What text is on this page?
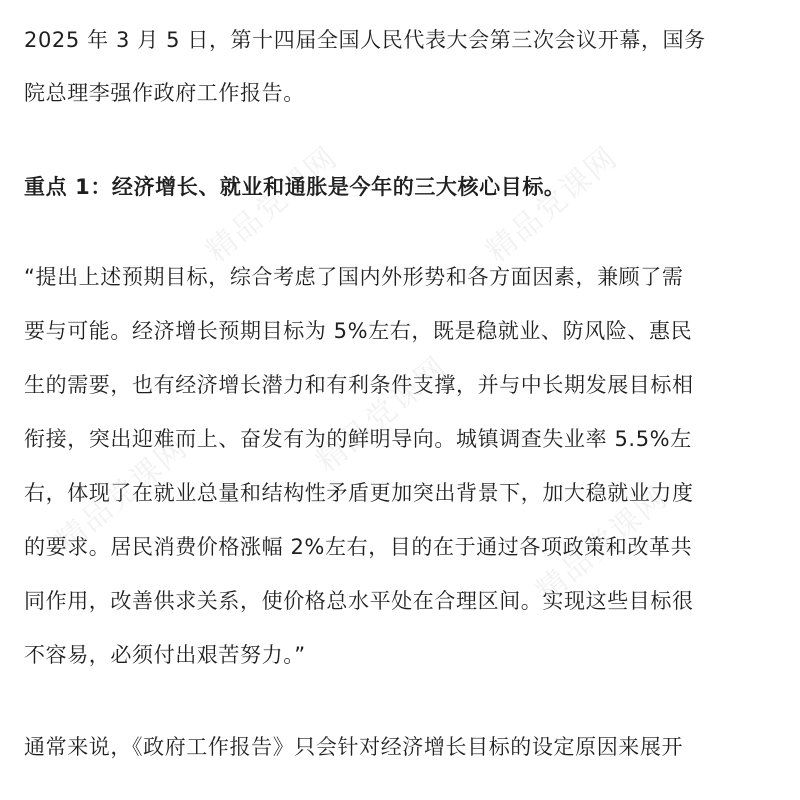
精品党课网	精品党课网
精品党课网
精品党课网
精品党课网
2025 年 3 月 5 日，第十四届全国人民代表大会第三次会议开幕，国务
院总理李强作政府工作报告。
重点 1：经济增长、就业和通胀是今年的三大核心目标。
“提出上述预期目标，综合考虑了国内外形势和各方面因素，兼顾了需
要与可能。经济增长预期目标为 5%左右，既是稳就业、防风险、惠民
生的需要，也有经济增长潜力和有利条件支撑，并与中长期发展目标相
衔接，突出迎难而上、奋发有为的鲜明导向。城镇调查失业率 5.5%左
右，体现了在就业总量和结构性矛盾更加突出背景下，加大稳就业力度
的要求。居民消费价格涨幅 2%左右，目的在于通过各项政策和改革共
同作用，改善供求关系，使价格总水平处在合理区间。实现这些目标很
不容易，必须付出艰苦努力。”
通常来说，《政府工作报告》只会针对经济增长目标的设定原因来展开
